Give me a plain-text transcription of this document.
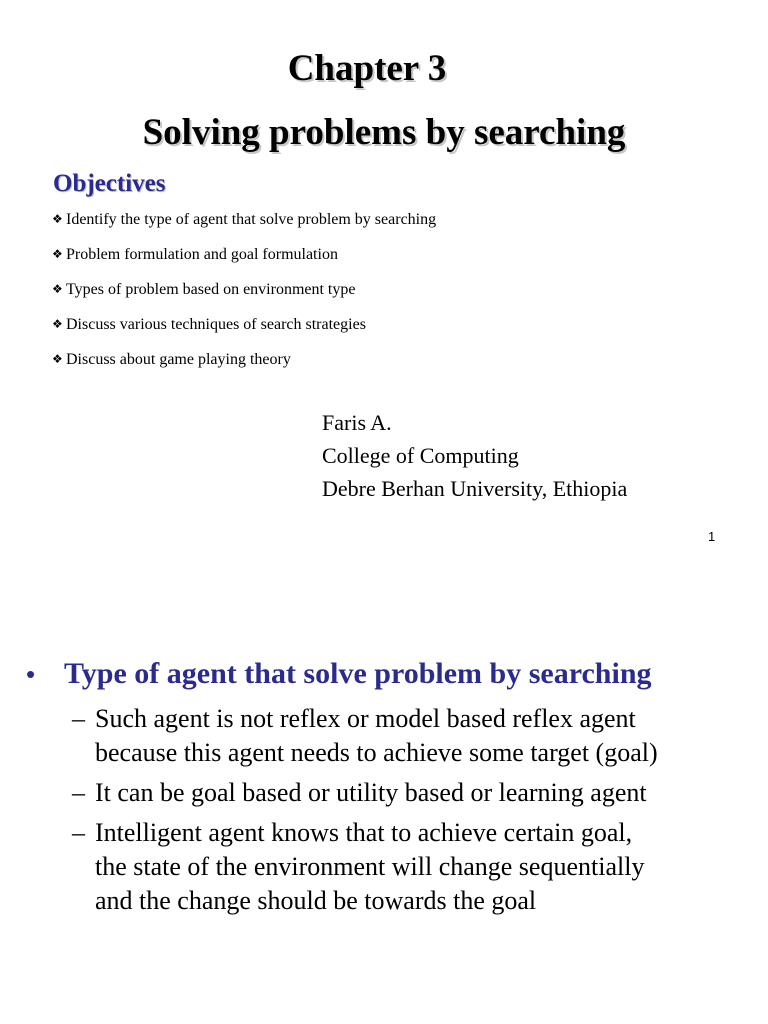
Chapter 3
Solving problems by searching
Objectives
❖ Identify the type of agent that solve problem by searching
❖ Problem formulation and goal formulation
❖ Types of problem based on environment type
❖ Discuss various techniques of search strategies
❖ Discuss about game playing theory
Faris A.
College of Computing
Debre Berhan University, Ethiopia
1
• Type of agent that solve problem by searching
– Such agent is not reflex or model based reflex agent
because this agent needs to achieve some target (goal)
– It can be goal based or utility based or learning agent
– Intelligent agent knows that to achieve certain goal,
the state of the environment will change sequentially
and the change should be towards the goal
